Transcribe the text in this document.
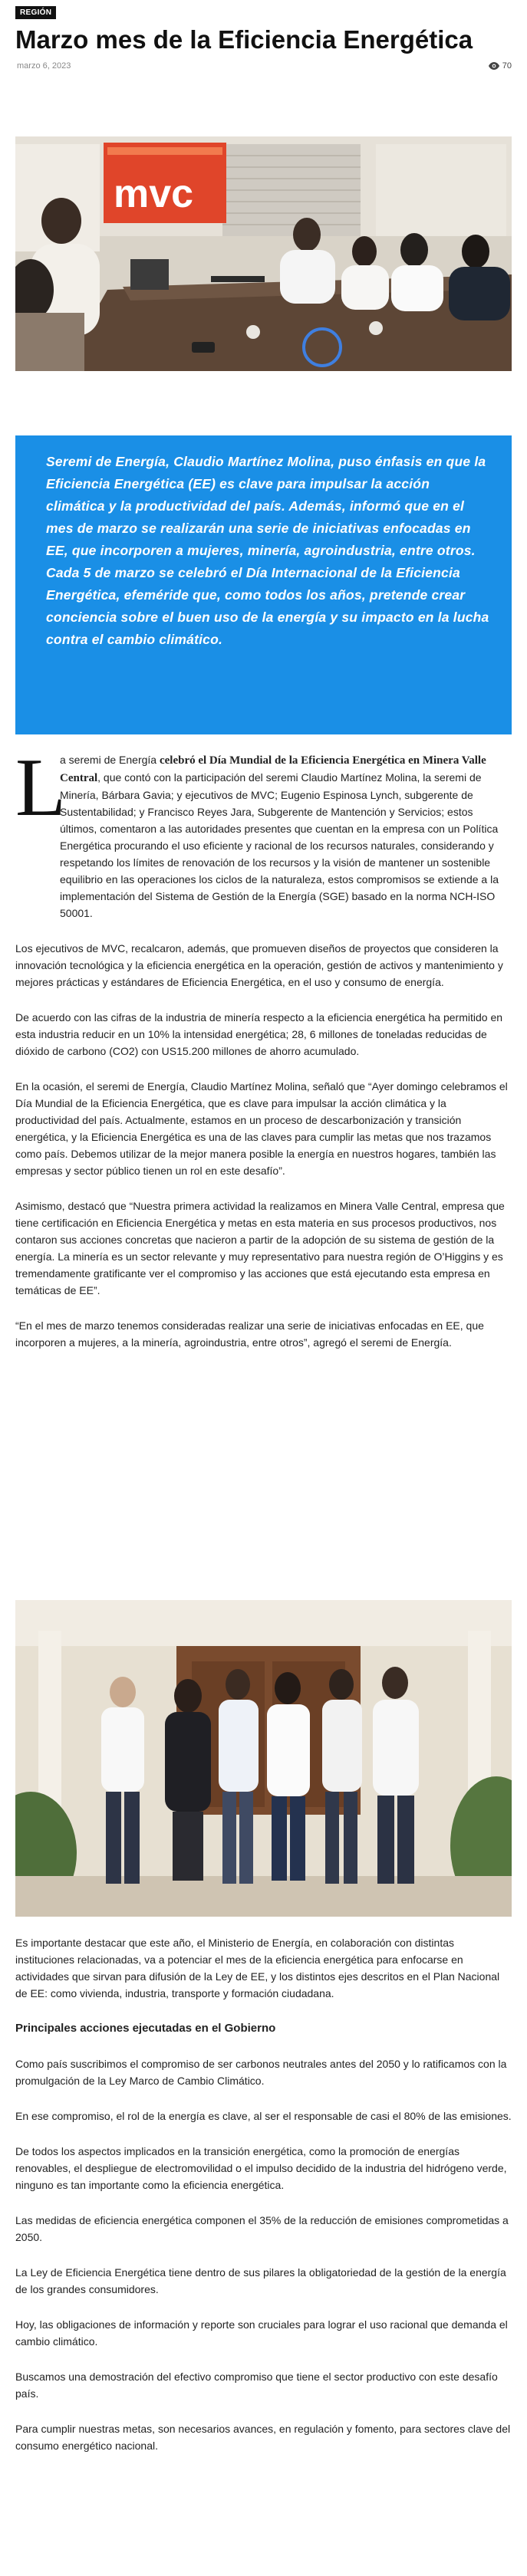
REGIÓN
Marzo mes de la Eficiencia Energética
marzo 6, 2023	70
mvc
Seremi de Energía, Claudio Martínez Molina, puso énfasis en que la Eficiencia Energética (EE) es clave para impulsar la acción climática y la productividad del país. Además, informó que en el mes de marzo se realizarán una serie de iniciativas enfocadas en EE, que incorporen a mujeres, minería, agroindustria, entre otros. Cada 5 de marzo se celebró el Día Internacional de la Eficiencia Energética, efeméride que, como todos los años, pretende crear conciencia sobre el buen uso de la energía y su impacto en la lucha contra el cambio climático.

L
a seremi de Energía celebró el Día Mundial de la Eficiencia Energética en Minera Valle Central, que contó con la participación del seremi Claudio Martínez Molina, la seremi de Minería, Bárbara Gavia; y ejecutivos de MVC; Eugenio Espinosa Lynch, subgerente de Sustentabilidad; y Francisco Reyes Jara, Subgerente de Mantención y Servicios; estos últimos, comentaron a las autoridades presentes que cuentan en la empresa con un Política Energética procurando el uso eficiente y racional de los recursos naturales, considerando y respetando los límites de renovación de los recursos y la visión de mantener un sostenible equilibrio en las operaciones los ciclos de la naturaleza, estos compromisos se extiende a la implementación del Sistema de Gestión de la Energía (SGE) basado en la norma NCH-ISO 50001.

Los ejecutivos de MVC, recalcaron, además, que promueven diseños de proyectos que consideren la innovación tecnológica y la eficiencia energética en la operación, gestión de activos y mantenimiento y mejores prácticas y estándares de Eficiencia Energética, en el uso y consumo de energía.

De acuerdo con las cifras de la industria de minería respecto a la eficiencia energética ha permitido en esta industria reducir en un 10% la intensidad energética; 28, 6 millones de toneladas reducidas de dióxido de carbono (CO2) con US15.200 millones de ahorro acumulado.

En la ocasión, el seremi de Energía, Claudio Martínez Molina, señaló que “Ayer domingo celebramos el Día Mundial de la Eficiencia Energética, que es clave para impulsar la acción climática y la productividad del país. Actualmente, estamos en un proceso de descarbonización y transición energética, y la Eficiencia Energética es una de las claves para cumplir las metas que nos trazamos como país. Debemos utilizar de la mejor manera posible la energía en nuestros hogares, también las empresas y sector público tienen un rol en este desafío”.

Asimismo, destacó que “Nuestra primera actividad la realizamos en Minera Valle Central, empresa que tiene certificación en Eficiencia Energética y metas en esta materia en sus procesos productivos, nos contaron sus acciones concretas que nacieron a partir de la adopción de su sistema de gestión de la energía. La minería es un sector relevante y muy representativo para nuestra región de O’Higgins y es tremendamente gratificante ver el compromiso y las acciones que está ejecutando esta empresa en temáticas de EE”.

“En el mes de marzo tenemos consideradas realizar una serie de iniciativas enfocadas en EE, que incorporen a mujeres, a la minería, agroindustria, entre otros”, agregó el seremi de Energía.

Es importante destacar que este año, el Ministerio de Energía, en colaboración con distintas instituciones relacionadas, va a potenciar el mes de la eficiencia energética para enfocarse en actividades que sirvan para difusión de la Ley de EE, y los distintos ejes descritos en el Plan Nacional de EE: como vivienda, industria, transporte y formación ciudadana.

Principales acciones ejecutadas en el Gobierno

Como país suscribimos el compromiso de ser carbonos neutrales antes del 2050 y lo ratificamos con la promulgación de la Ley Marco de Cambio Climático.

En ese compromiso, el rol de la energía es clave, al ser el responsable de casi el 80% de las emisiones.

De todos los aspectos implicados en la transición energética, como la promoción de energías renovables, el despliegue de electromovilidad o el impulso decidido de la industria del hidrógeno verde, ninguno es tan importante como la eficiencia energética.

Las medidas de eficiencia energética componen el 35% de la reducción de emisiones comprometidas a 2050.

La Ley de Eficiencia Energética tiene dentro de sus pilares la obligatoriedad de la gestión de la energía de los grandes consumidores.

Hoy, las obligaciones de información y reporte son cruciales para lograr el uso racional que demanda el cambio climático.

Buscamos una demostración del efectivo compromiso que tiene el sector productivo con este desafío país.

Para cumplir nuestras metas, son necesarios avances, en regulación y fomento, para sectores clave del consumo energético nacional.
